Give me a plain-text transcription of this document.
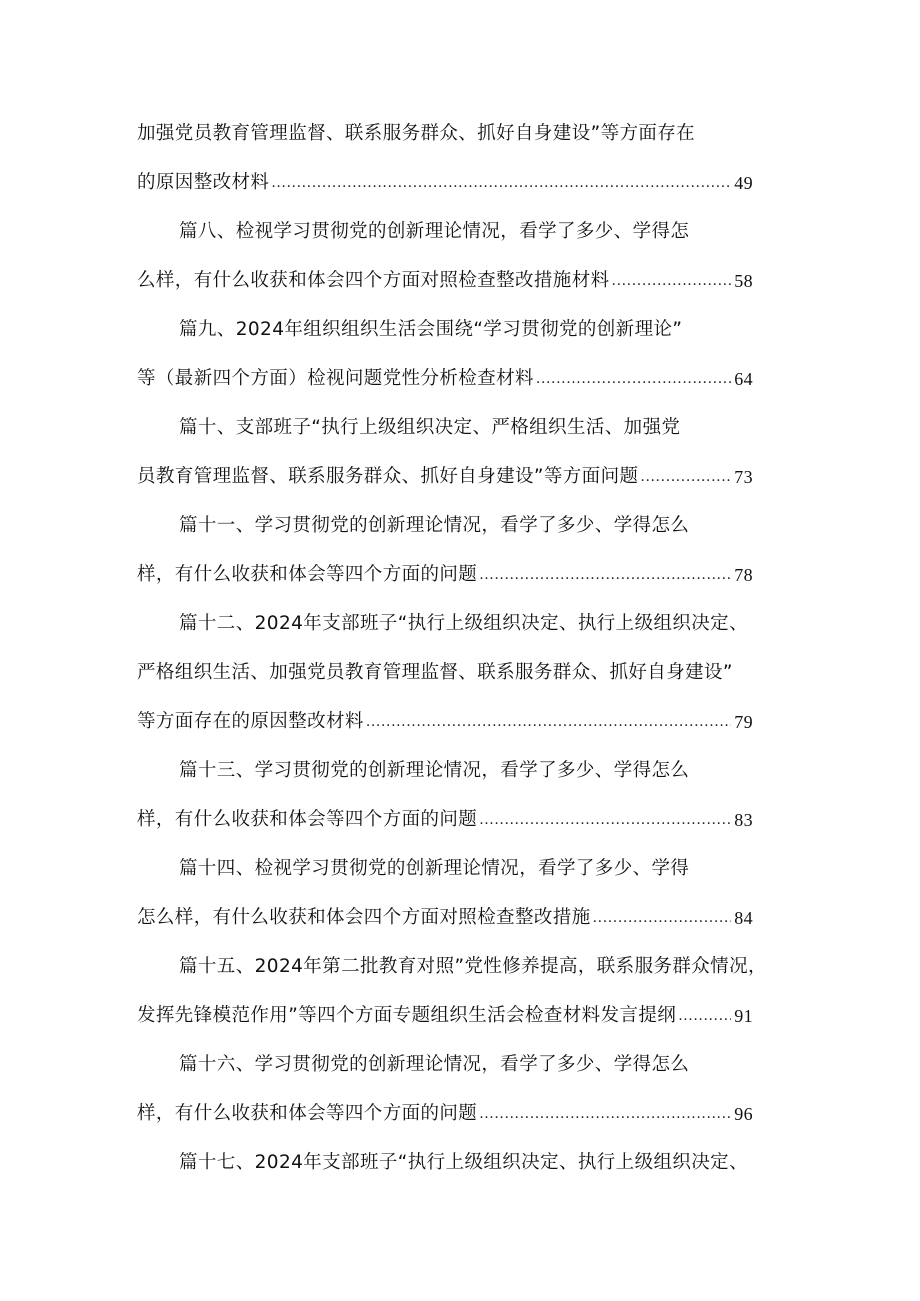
加强党员教育管理监督、联系服务群众、抓好自身建设”等方面存在
的原因整改材料 .....	49
篇八、检视学习贯彻党的创新理论情况，看学了多少、学得怎
么样，有什么收获和体会四个方面对照检查整改措施材料 .....	58
篇九、2024年组织组织生活会围绕“学习贯彻党的创新理论”
等（最新四个方面）检视问题党性分析检查材料 .....	64
篇十、支部班子“执行上级组织决定、严格组织生活、加强党
员教育管理监督、联系服务群众、抓好自身建设”等方面问题 .....	73
篇十一、学习贯彻党的创新理论情况，看学了多少、学得怎么
样，有什么收获和体会等四个方面的问题 .....	78
篇十二、2024年支部班子“执行上级组织决定、执行上级组织决定、
严格组织生活、加强党员教育管理监督、联系服务群众、抓好自身建设”
等方面存在的原因整改材料 .....	79
篇十三、学习贯彻党的创新理论情况，看学了多少、学得怎么
样，有什么收获和体会等四个方面的问题 .....	83
篇十四、检视学习贯彻党的创新理论情况，看学了多少、学得
怎么样，有什么收获和体会四个方面对照检查整改措施 .....	84
篇十五、2024年第二批教育对照”党性修养提高，联系服务群众情况，
发挥先锋模范作用”等四个方面专题组织生活会检查材料发言提纲 .....	91
篇十六、学习贯彻党的创新理论情况，看学了多少、学得怎么
样，有什么收获和体会等四个方面的问题 .....	96
篇十七、2024年支部班子“执行上级组织决定、执行上级组织决定、
